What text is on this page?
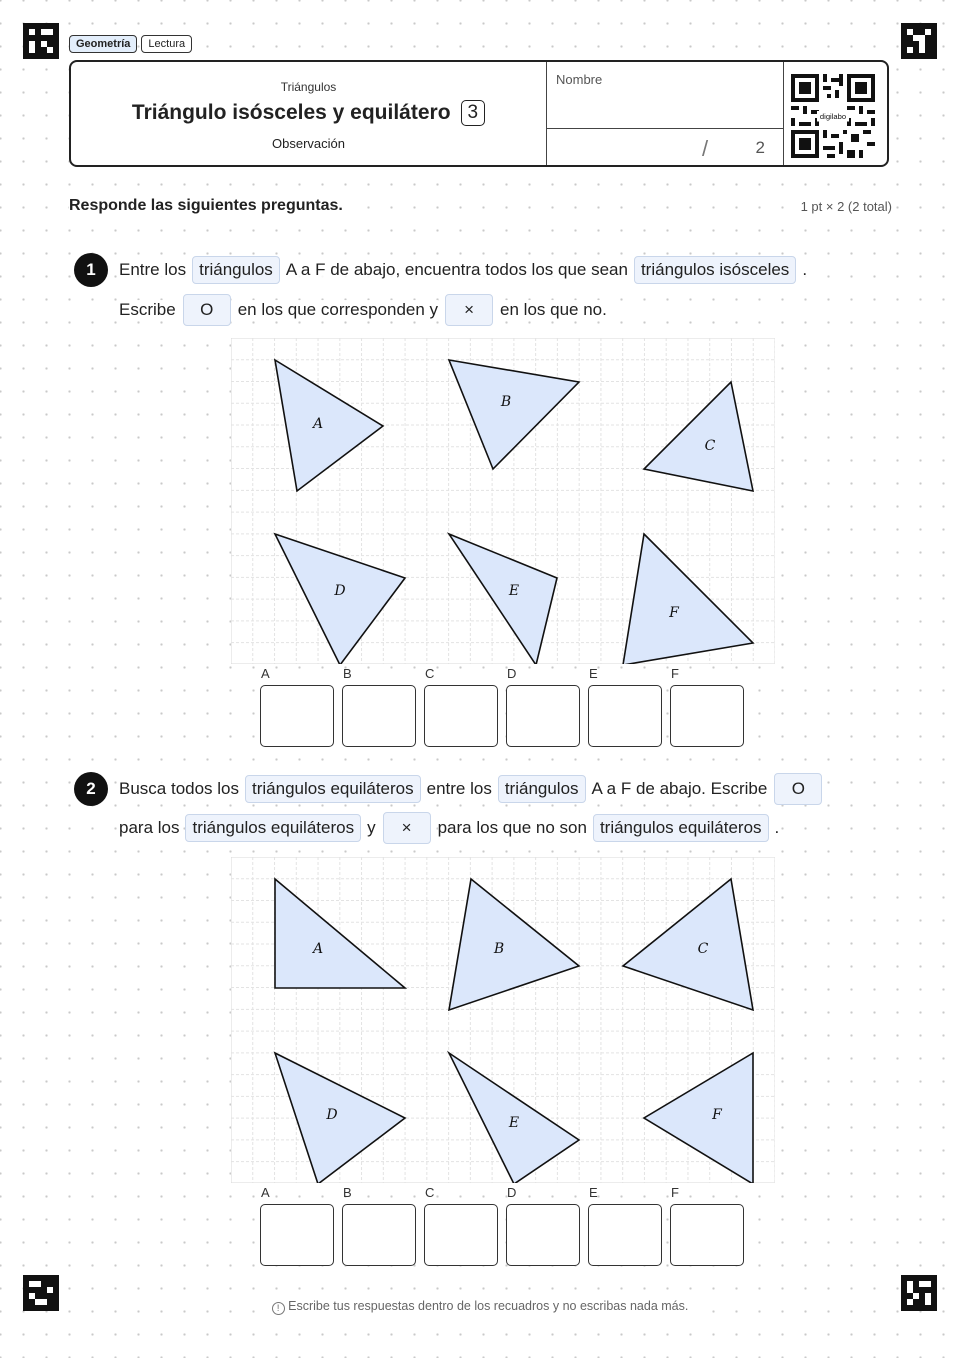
Geometría	Lectura
Triángulos
Triángulo isósceles y equilátero 3
Observación
Nombre
/	2
digilabo
Responde las siguientes preguntas.	1 pt × 2 (2 total)
1	Entre los triángulos A a F de abajo, encuentra todos los que sean triángulos isósceles .
Escribe	O	en los que corresponden y	×	en los que no.
A
B
C
D	E
F
A	B	C	D	E	F
2	Busca todos los triángulos equiláteros entre los triángulos A a F de abajo. Escribe	O
para los triángulos equiláteros y	×	para los que no son triángulos equiláteros .
A	B	C
D	E	F
A	B	C	D	E	F
! Escribe tus respuestas dentro de los recuadros y no escribas nada más.
